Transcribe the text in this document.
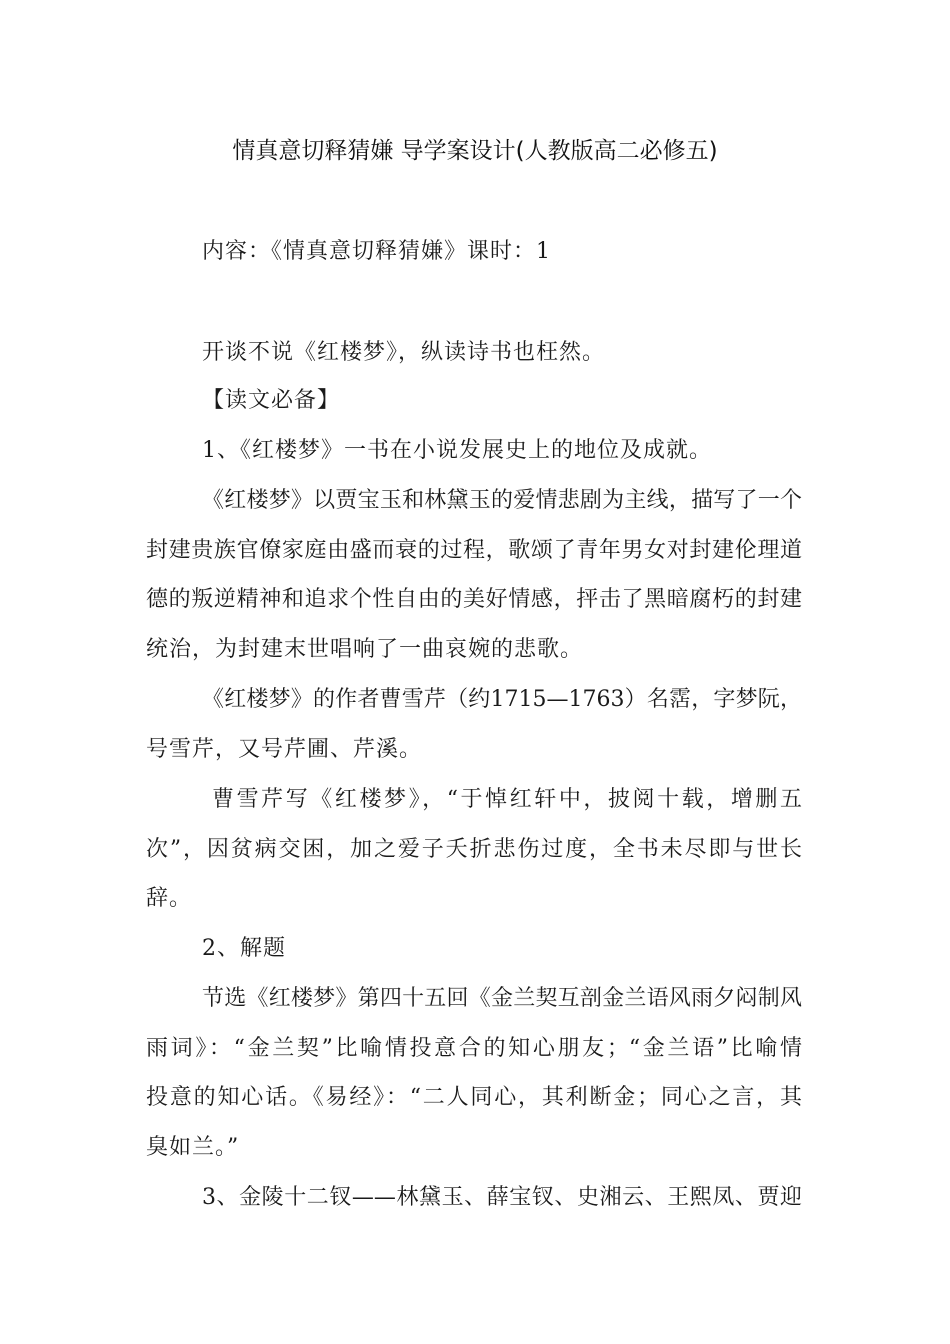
情真意切释猜嫌 导学案设计(人教版高二必修五)
内容：《情真意切释猜嫌》课时：1
开谈不说《红楼梦》，纵读诗书也枉然。
【读文必备】
1、《红楼梦》一书在小说发展史上的地位及成就。
《红楼梦》以贾宝玉和林黛玉的爱情悲剧为主线，描写了一个
封建贵族官僚家庭由盛而衰的过程，歌颂了青年男女对封建伦理道
德的叛逆精神和追求个性自由的美好情感，抨击了黑暗腐朽的封建
统治，为封建末世唱响了一曲哀婉的悲歌。
《红楼梦》的作者曹雪芹（约1715—1763）名霑，字梦阮，
号雪芹，又号芹圃、芹溪。
曹雪芹写《红楼梦》，“于悼红轩中，披阅十载，增删五
次”，因贫病交困，加之爱子夭折悲伤过度，全书未尽即与世长
辞。
2、解题
节选《红楼梦》第四十五回《金兰契互剖金兰语风雨夕闷制风
雨词》：“金兰契”比喻情投意合的知心朋友；“金兰语”比喻情
投意的知心话。《易经》：“二人同心，其利断金；同心之言，其
臭如兰。”
3、金陵十二钗——林黛玉、薛宝钗、史湘云、王熙凤、贾迎
